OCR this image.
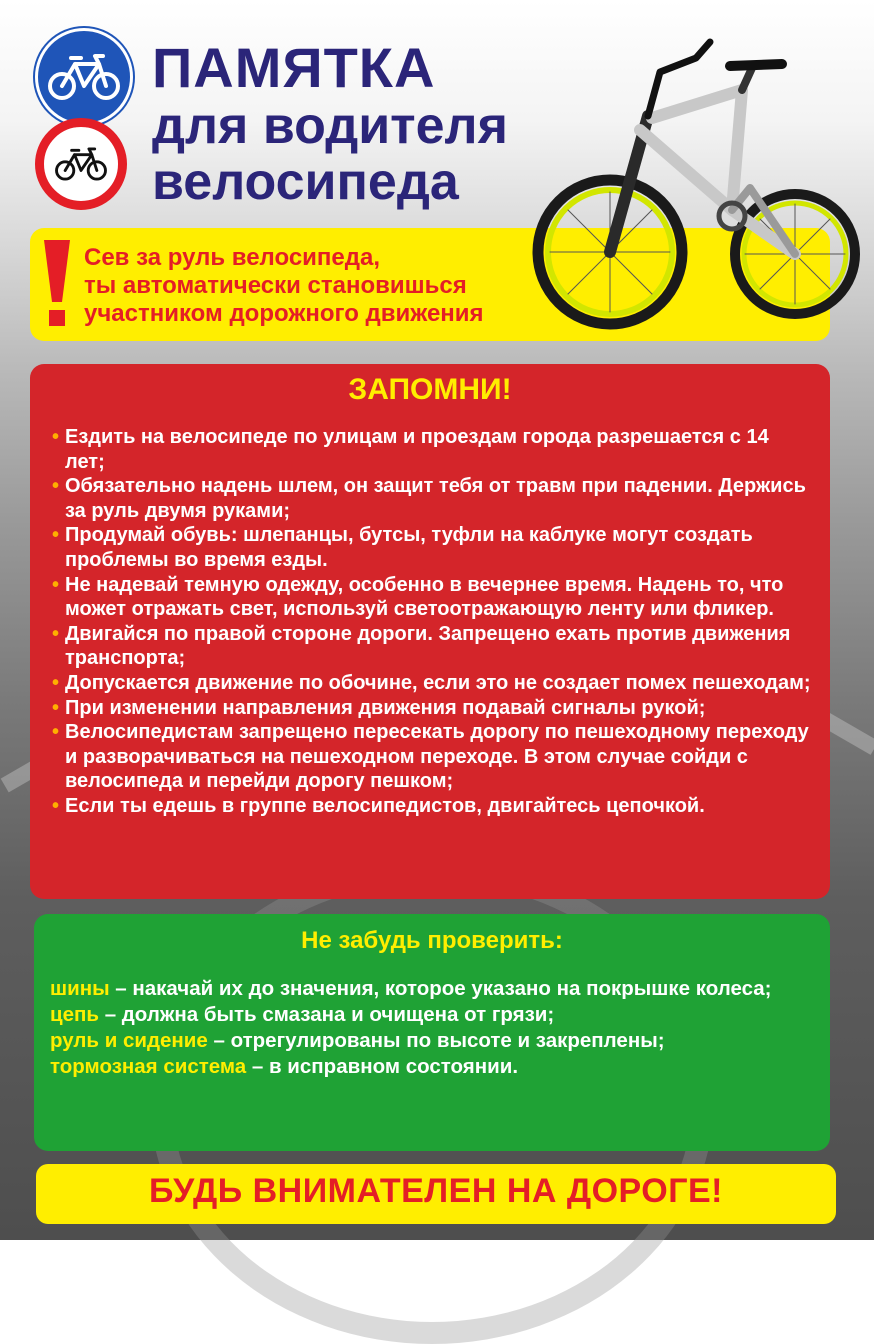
ПАМЯТКА
для водителя
велосипеда
Сев за руль велосипеда,
ты автоматически становишься
участником дорожного движения
ЗАПОМНИ!
• Ездить на велосипеде по улицам и проездам города разрешается с 14 лет;
• Обязательно надень шлем, он защит тебя от травм при падении. Держись за руль двумя руками;
• Продумай обувь: шлепанцы, бутсы, туфли на каблуке могут создать проблемы во время езды.
• Не надевай темную одежду, особенно в вечернее время. Надень то, что может отражать свет, используй светоотражающую ленту или фликер.
• Двигайся по правой стороне дороги. Запрещено ехать против движения транспорта;
• Допускается движение по обочине, если это не создает помех пешеходам;
• При изменении направления движения подавай сигналы рукой;
• Велосипедистам запрещено пересекать дорогу по пешеходному переходу и разворачиваться на пешеходном переходе. В этом случае сойди с велосипеда и перейди дорогу пешком;
• Если ты едешь в группе велосипедистов, двигайтесь цепочкой.
Не забудь проверить:
шины – накачай их до значения, которое указано на покрышке колеса;
цепь – должна быть смазана и очищена от грязи;
руль и сидение – отрегулированы по высоте и закреплены;
тормозная система – в исправном состоянии.
БУДЬ ВНИМАТЕЛЕН НА ДОРОГЕ!
